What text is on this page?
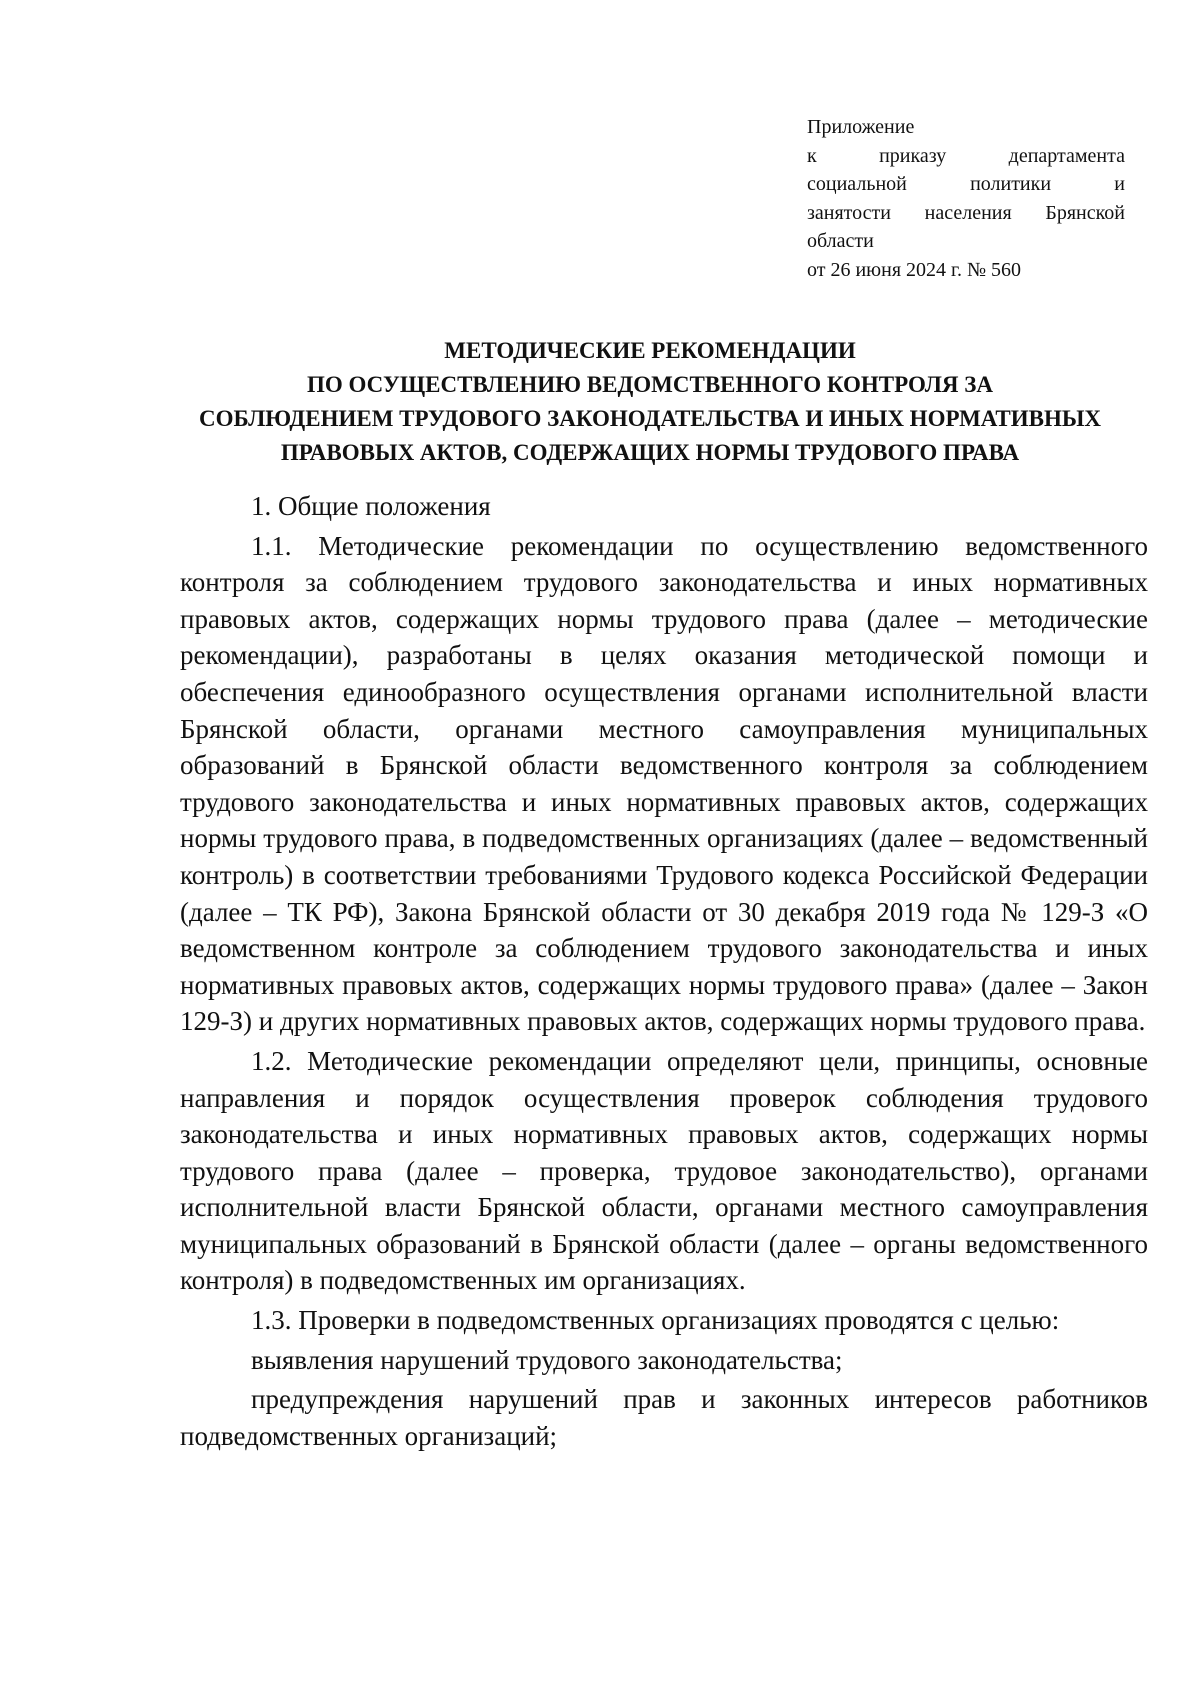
Приложение
к приказу департамента
социальной политики и
занятости населения Брянской
области
от 26 июня 2024 г. № 560
МЕТОДИЧЕСКИЕ РЕКОМЕНДАЦИИ
ПО ОСУЩЕСТВЛЕНИЮ ВЕДОМСТВЕННОГО КОНТРОЛЯ ЗА
СОБЛЮДЕНИЕМ ТРУДОВОГО ЗАКОНОДАТЕЛЬСТВА И ИНЫХ НОРМАТИВНЫХ
ПРАВОВЫХ АКТОВ, СОДЕРЖАЩИХ НОРМЫ ТРУДОВОГО ПРАВА

1. Общие положения

1.1. Методические рекомендации по осуществлению ведомственного контроля за соблюдением трудового законодательства и иных нормативных правовых актов, содержащих нормы трудового права (далее – методические рекомендации), разработаны в целях оказания методической помощи и обеспечения единообразного осуществления органами исполнительной власти Брянской области, органами местного самоуправления муниципальных образований в Брянской области ведомственного контроля за соблюдением трудового законодательства и иных нормативных правовых актов, содержащих нормы трудового права, в подведомственных организациях (далее – ведомственный контроль) в соответствии требованиями Трудового кодекса Российской Федерации (далее – ТК РФ), Закона Брянской области от 30 декабря 2019 года № 129-З «О ведомственном контроле за соблюдением трудового законодательства и иных нормативных правовых актов, содержащих нормы трудового права» (далее – Закон 129-З) и других нормативных правовых актов, содержащих нормы трудового права.

1.2. Методические рекомендации определяют цели, принципы, основные направления и порядок осуществления проверок соблюдения трудового законодательства и иных нормативных правовых актов, содержащих нормы трудового права (далее – проверка, трудовое законодательство), органами исполнительной власти Брянской области, органами местного самоуправления муниципальных образований в Брянской области (далее – органы ведомственного контроля) в подведомственных им организациях.

1.3. Проверки в подведомственных организациях проводятся с целью:

выявления нарушений трудового законодательства;

предупреждения нарушений прав и законных интересов работников подведомственных организаций;
